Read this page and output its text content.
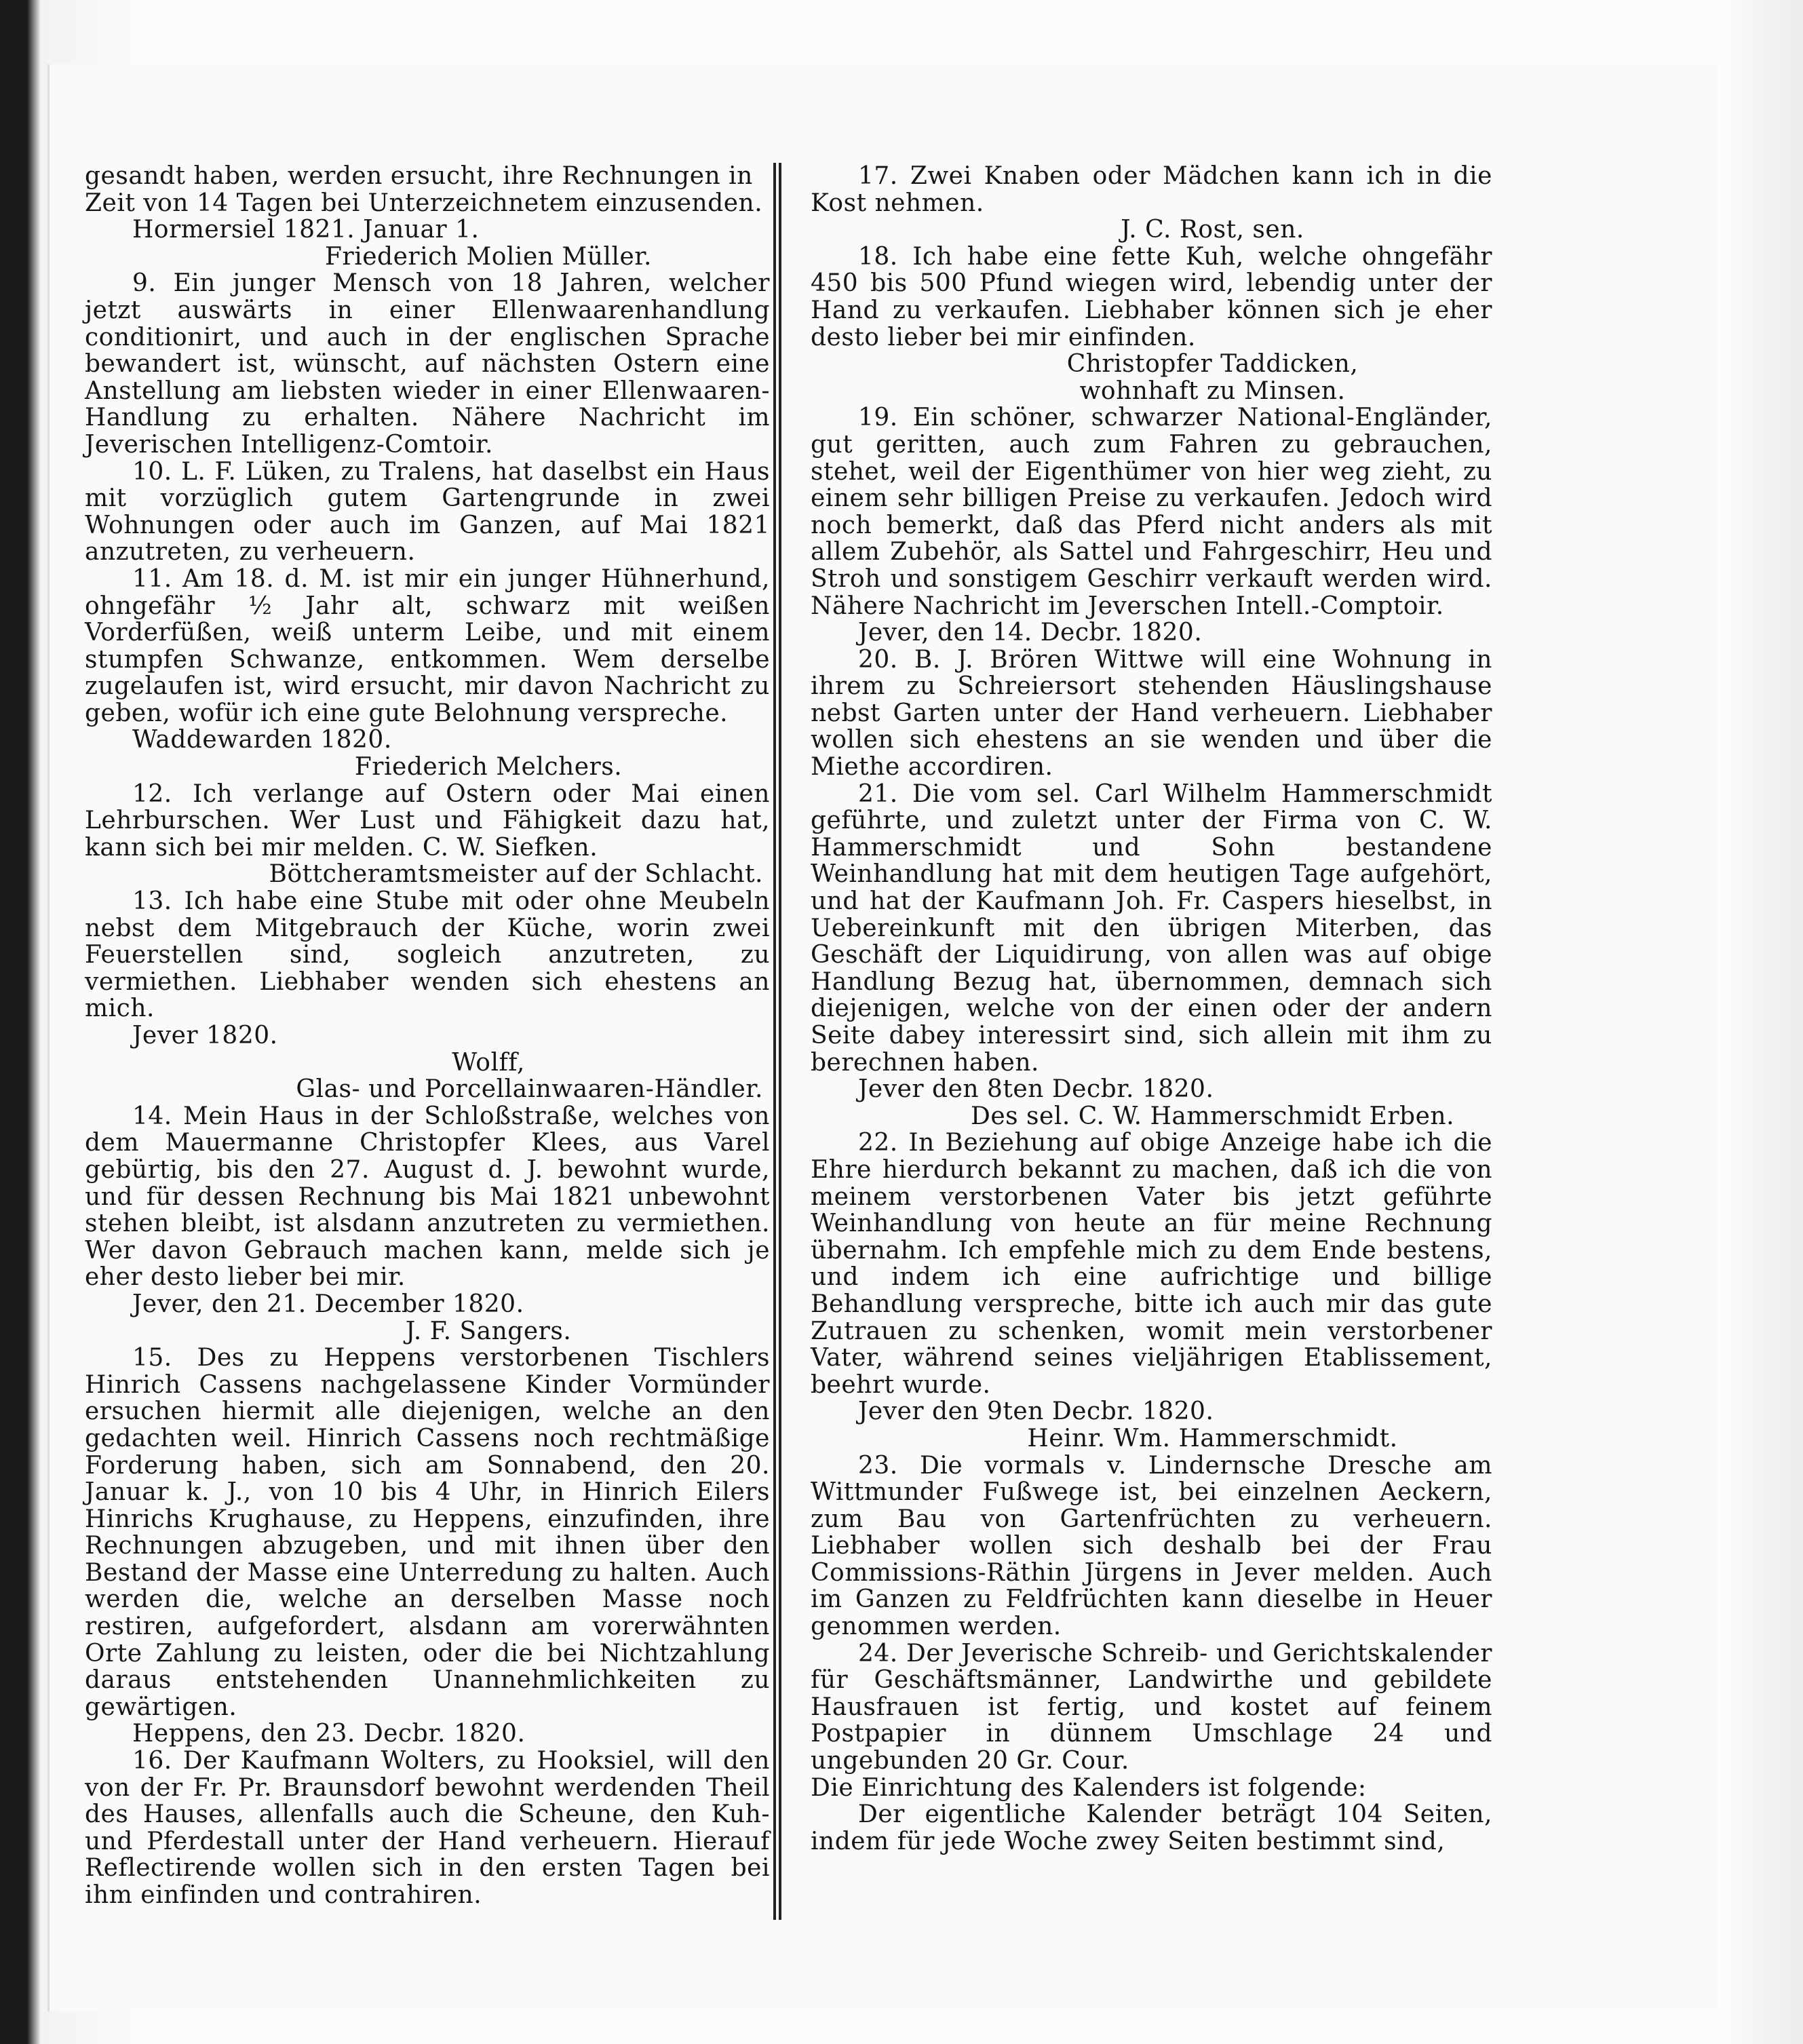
gesandt haben, werden ersucht, ihre Rechnungen in Zeit von 14 Tagen bei Unterzeichnetem einzusenden.

Hormersiel 1821. Januar 1.

Friederich Molien Müller.

9. Ein junger Mensch von 18 Jahren, welcher jetzt auswärts in einer Ellenwaarenhandlung conditionirt, und auch in der englischen Sprache bewandert ist, wünscht, auf nächsten Ostern eine Anstellung am liebsten wieder in einer Ellenwaaren-Handlung zu erhalten. Nähere Nachricht im Jeverischen Intelligenz-Comtoir.

10. L. F. Lüken, zu Tralens, hat daselbst ein Haus mit vorzüglich gutem Gartengrunde in zwei Wohnungen oder auch im Ganzen, auf Mai 1821 anzutreten, zu verheuern.

11. Am 18. d. M. ist mir ein junger Hühnerhund, ohngefähr ½ Jahr alt, schwarz mit weißen Vorderfüßen, weiß unterm Leibe, und mit einem stumpfen Schwanze, entkommen. Wem derselbe zugelaufen ist, wird ersucht, mir davon Nachricht zu geben, wofür ich eine gute Belohnung verspreche.

Waddewarden 1820.

Friederich Melchers.

12. Ich verlange auf Ostern oder Mai einen Lehrburschen. Wer Lust und Fähigkeit dazu hat, kann sich bei mir melden. C. W. Siefken.

Böttcheramtsmeister auf der Schlacht.

13. Ich habe eine Stube mit oder ohne Meubeln nebst dem Mitgebrauch der Küche, worin zwei Feuerstellen sind, sogleich anzutreten, zu vermiethen. Liebhaber wenden sich ehestens an mich.

Jever 1820.

Wolff,

Glas- und Porcellainwaaren-Händler.

14. Mein Haus in der Schloßstraße, welches von dem Mauermanne Christopfer Klees, aus Varel gebürtig, bis den 27. August d. J. bewohnt wurde, und für dessen Rechnung bis Mai 1821 unbewohnt stehen bleibt, ist alsdann anzutreten zu vermiethen. Wer davon Gebrauch machen kann, melde sich je eher desto lieber bei mir.

Jever, den 21. December 1820.

J. F. Sangers.

15. Des zu Heppens verstorbenen Tischlers Hinrich Cassens nachgelassene Kinder Vormünder ersuchen hiermit alle diejenigen, welche an den gedachten weil. Hinrich Cassens noch rechtmäßige Forderung haben, sich am Sonnabend, den 20. Januar k. J., von 10 bis 4 Uhr, in Hinrich Eilers Hinrichs Krughause, zu Heppens, einzufinden, ihre Rechnungen abzugeben, und mit ihnen über den Bestand der Masse eine Unterredung zu halten. Auch werden die, welche an derselben Masse noch restiren, aufgefordert, alsdann am vorerwähnten Orte Zahlung zu leisten, oder die bei Nichtzahlung daraus entstehenden Unannehmlichkeiten zu gewärtigen.

Heppens, den 23. Decbr. 1820.

16. Der Kaufmann Wolters, zu Hooksiel, will den von der Fr. Pr. Braunsdorf bewohnt werdenden Theil des Hauses, allenfalls auch die Scheune, den Kuh- und Pferdestall unter der Hand verheuern. Hierauf Reflectirende wollen sich in den ersten Tagen bei ihm einfinden und contrahiren.

17. Zwei Knaben oder Mädchen kann ich in die Kost nehmen.

J. C. Rost, sen.

18. Ich habe eine fette Kuh, welche ohngefähr 450 bis 500 Pfund wiegen wird, lebendig unter der Hand zu verkaufen. Liebhaber können sich je eher desto lieber bei mir einfinden.

Christopfer Taddicken,

wohnhaft zu Minsen.

19. Ein schöner, schwarzer National-Engländer, gut geritten, auch zum Fahren zu gebrauchen, stehet, weil der Eigenthümer von hier weg zieht, zu einem sehr billigen Preise zu verkaufen. Jedoch wird noch bemerkt, daß das Pferd nicht anders als mit allem Zubehör, als Sattel und Fahrgeschirr, Heu und Stroh und sonstigem Geschirr verkauft werden wird. Nähere Nachricht im Jeverschen Intell.-Comptoir.

Jever, den 14. Decbr. 1820.

20. B. J. Brören Wittwe will eine Wohnung in ihrem zu Schreiersort stehenden Häuslingshause nebst Garten unter der Hand verheuern. Liebhaber wollen sich ehestens an sie wenden und über die Miethe accordiren.

21. Die vom sel. Carl Wilhelm Hammerschmidt geführte, und zuletzt unter der Firma von C. W. Hammerschmidt und Sohn bestandene Weinhandlung hat mit dem heutigen Tage aufgehört, und hat der Kaufmann Joh. Fr. Caspers hieselbst, in Uebereinkunft mit den übrigen Miterben, das Geschäft der Liquidirung, von allen was auf obige Handlung Bezug hat, übernommen, demnach sich diejenigen, welche von der einen oder der andern Seite dabey interessirt sind, sich allein mit ihm zu berechnen haben.

Jever den 8ten Decbr. 1820.

Des sel. C. W. Hammerschmidt Erben.

22. In Beziehung auf obige Anzeige habe ich die Ehre hierdurch bekannt zu machen, daß ich die von meinem verstorbenen Vater bis jetzt geführte Weinhandlung von heute an für meine Rechnung übernahm. Ich empfehle mich zu dem Ende bestens, und indem ich eine aufrichtige und billige Behandlung verspreche, bitte ich auch mir das gute Zutrauen zu schenken, womit mein verstorbener Vater, während seines vieljährigen Etablissement, beehrt wurde.

Jever den 9ten Decbr. 1820.

Heinr. Wm. Hammerschmidt.

23. Die vormals v. Lindernsche Dresche am Wittmunder Fußwege ist, bei einzelnen Aeckern, zum Bau von Gartenfrüchten zu verheuern. Liebhaber wollen sich deshalb bei der Frau Commissions-Räthin Jürgens in Jever melden. Auch im Ganzen zu Feldfrüchten kann dieselbe in Heuer genommen werden.

24. Der Jeverische Schreib- und Gerichtskalender für Geschäftsmänner, Landwirthe und gebildete Hausfrauen ist fertig, und kostet auf feinem Postpapier in dünnem Umschlage 24 und ungebunden 20 Gr. Cour.

Die Einrichtung des Kalenders ist folgende:

Der eigentliche Kalender beträgt 104 Seiten, indem für jede Woche zwey Seiten bestimmt sind,
